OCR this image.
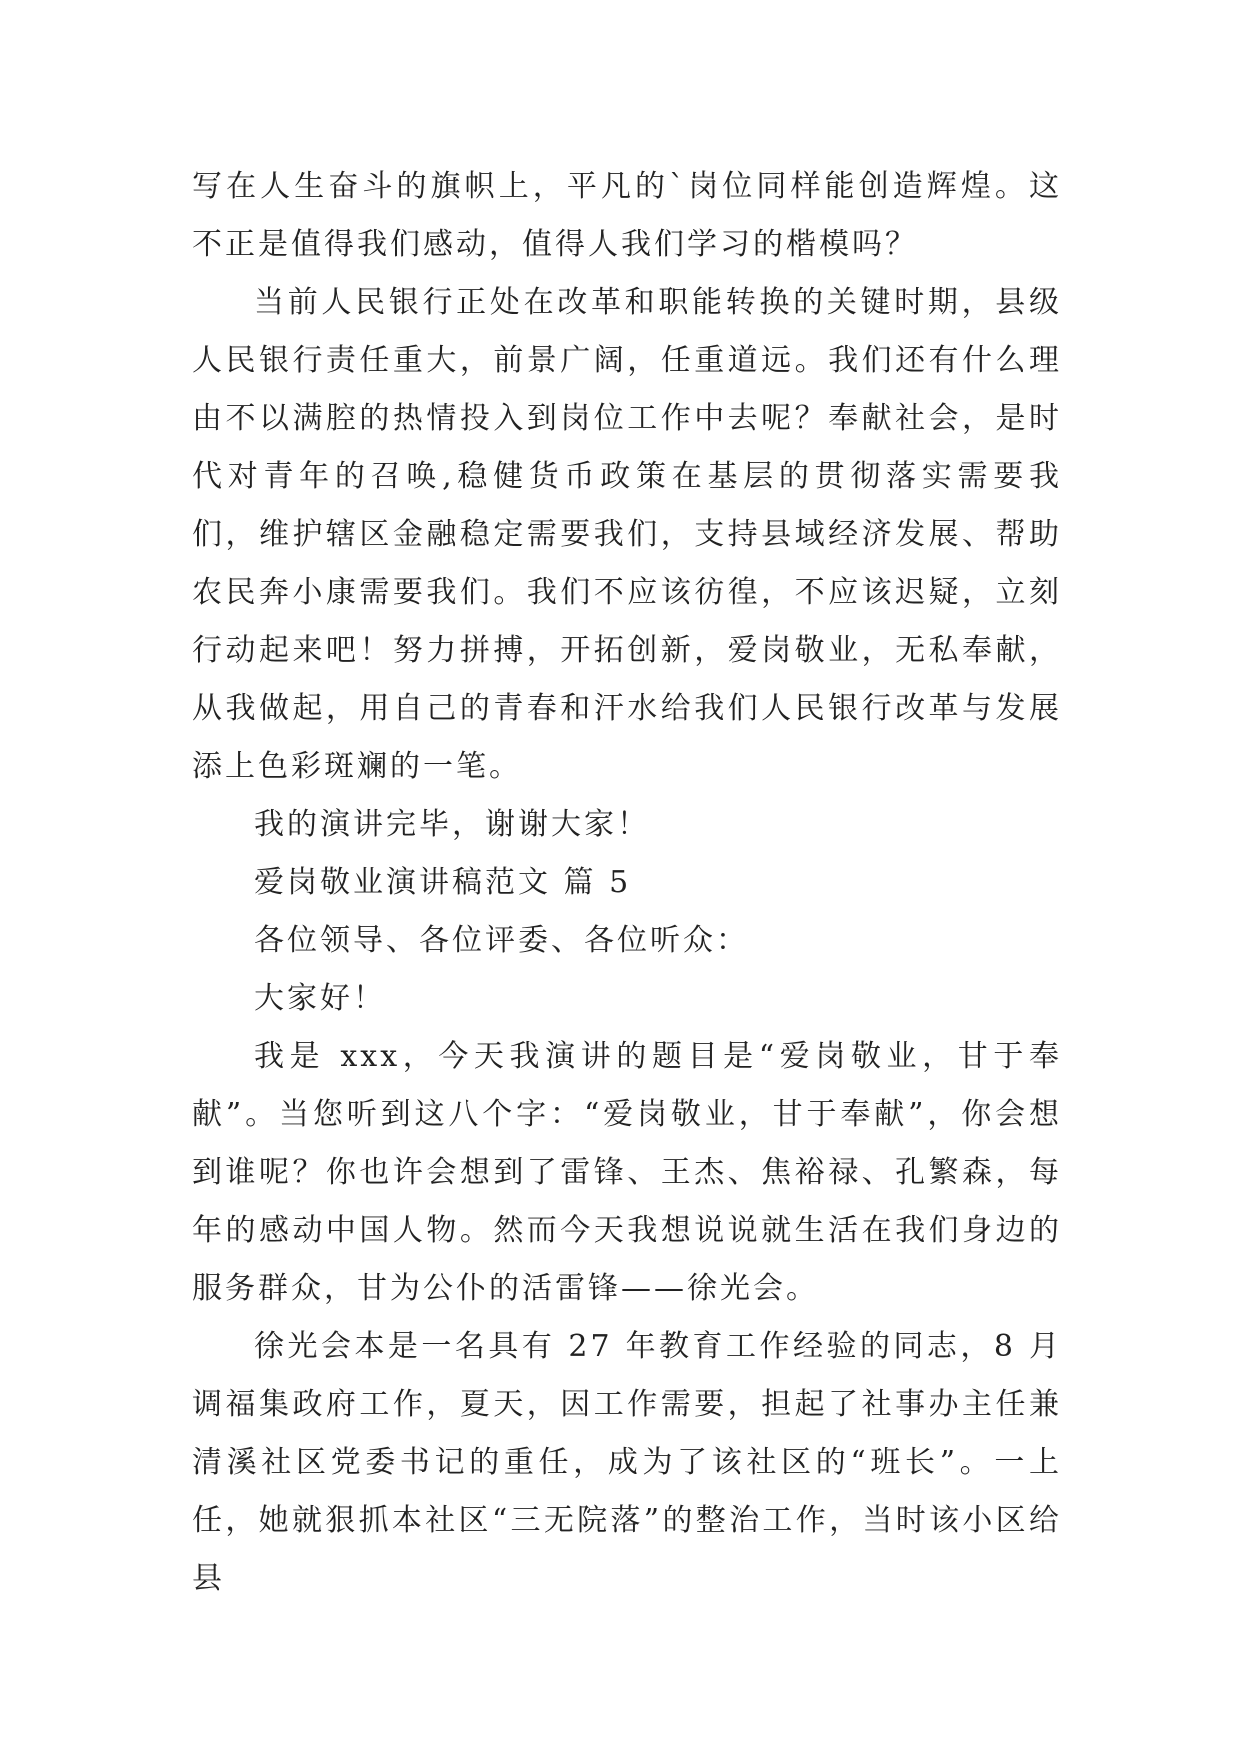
写在人生奋斗的旗帜上，平凡的`岗位同样能创造辉煌。这不正是值得我们感动，值得人我们学习的楷模吗？

当前人民银行正处在改革和职能转换的关键时期，县级人民银行责任重大，前景广阔，任重道远。我们还有什么理由不以满腔的热情投入到岗位工作中去呢？奉献社会，是时代对青年的召唤,稳健货币政策在基层的贯彻落实需要我们，维护辖区金融稳定需要我们，支持县域经济发展、帮助农民奔小康需要我们。我们不应该彷徨，不应该迟疑，立刻行动起来吧！努力拼搏，开拓创新，爱岗敬业，无私奉献，从我做起，用自己的青春和汗水给我们人民银行改革与发展添上色彩斑斓的一笔。

我的演讲完毕，谢谢大家！

爱岗敬业演讲稿范文 篇 5

各位领导、各位评委、各位听众：

大家好！

我是 xxx，今天我演讲的题目是“爱岗敬业，甘于奉献”。当您听到这八个字：“爱岗敬业，甘于奉献”，你会想到谁呢？你也许会想到了雷锋、王杰、焦裕禄、孔繁森，每年的感动中国人物。然而今天我想说说就生活在我们身边的服务群众，甘为公仆的活雷锋——徐光会。

徐光会本是一名具有 27 年教育工作经验的同志，8 月调福集政府工作，夏天，因工作需要，担起了社事办主任兼清溪社区党委书记的重任，成为了该社区的“班长”。一上任，她就狠抓本社区“三无院落”的整治工作，当时该小区给县
